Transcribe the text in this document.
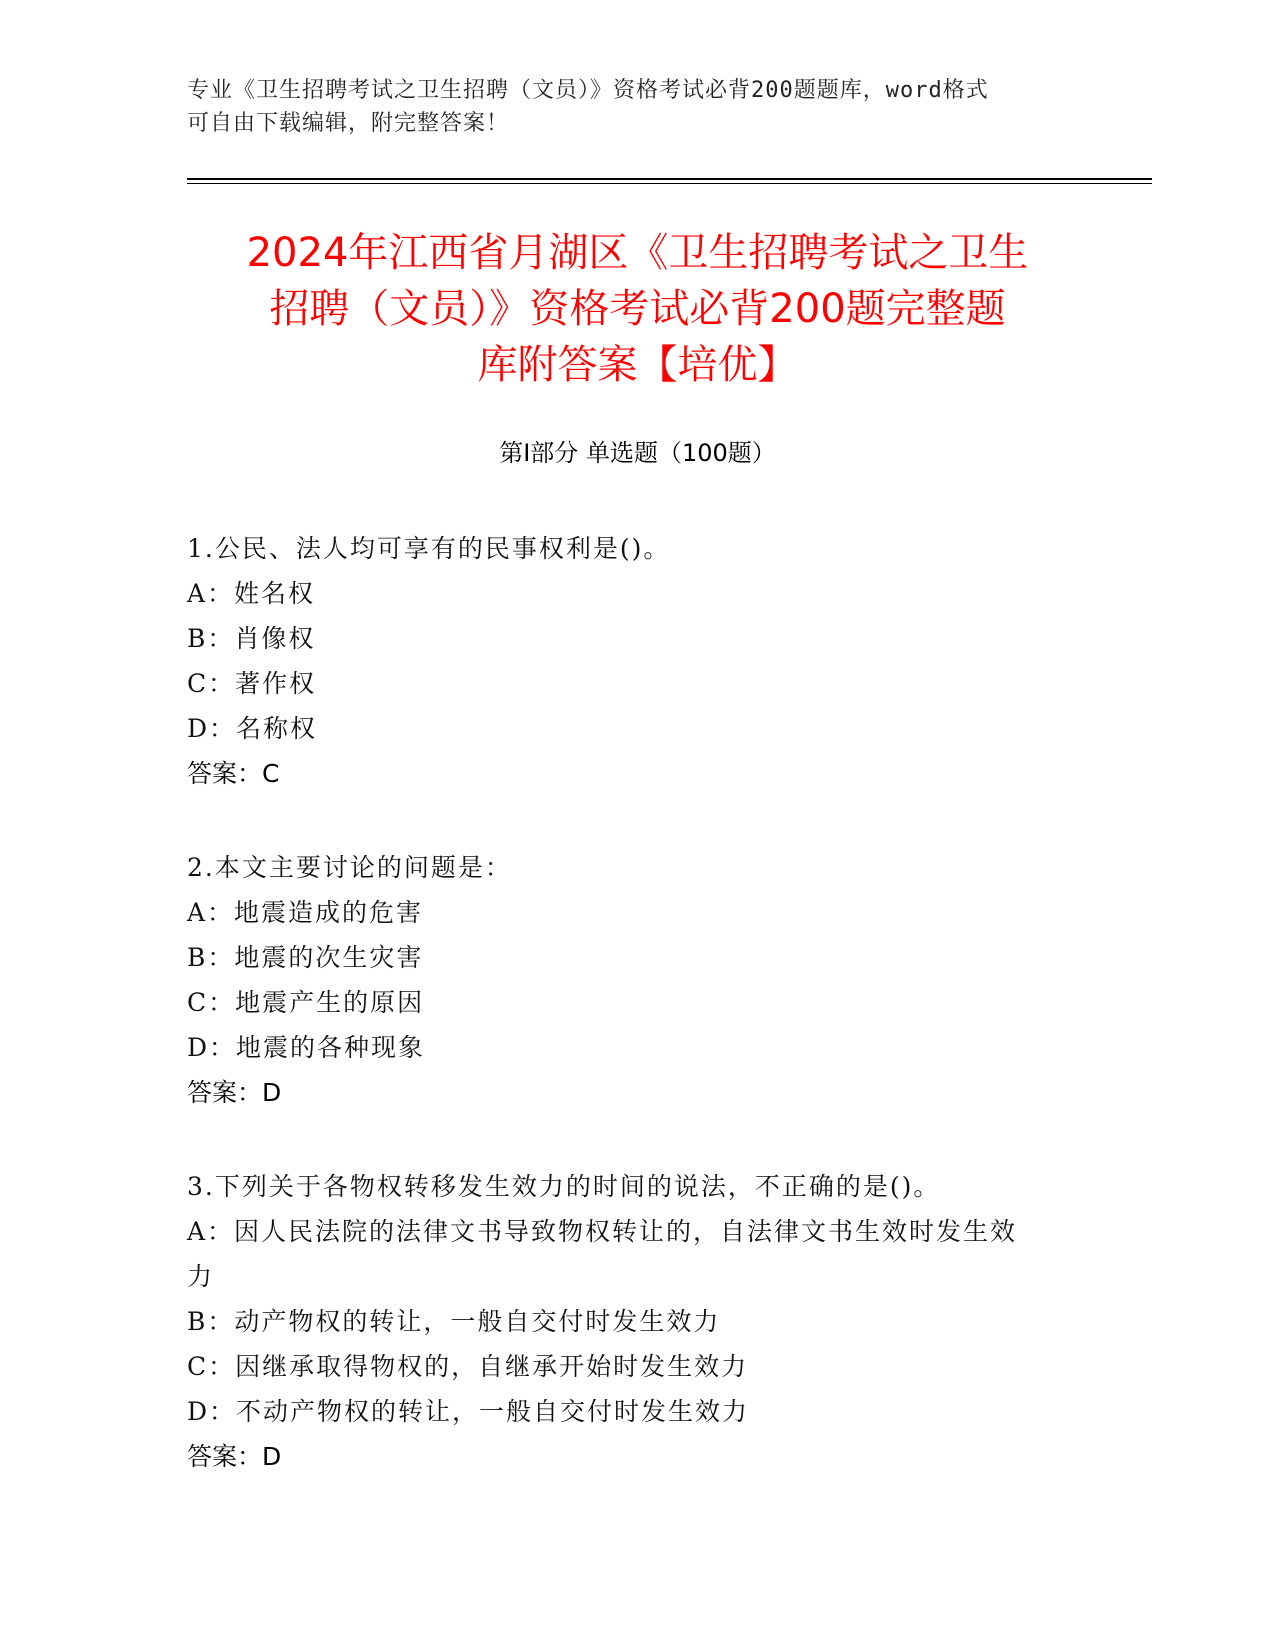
专业《卫生招聘考试之卫生招聘（文员）》资格考试必背200题题库，word格式
可自由下载编辑，附完整答案！
2024年江西省月湖区《卫生招聘考试之卫生
招聘（文员）》资格考试必背200题完整题
库附答案【培优】
第Ⅰ部分 单选题（100题）
1.公民、法人均可享有的民事权利是()。
A：姓名权
B：肖像权
C：著作权
D：名称权
答案：C
2.本文主要讨论的问题是：
A：地震造成的危害
B：地震的次生灾害
C：地震产生的原因
D：地震的各种现象
答案：D
3.下列关于各物权转移发生效力的时间的说法，不正确的是()。
A：因人民法院的法律文书导致物权转让的，自法律文书生效时发生效
力
B：动产物权的转让，一般自交付时发生效力
C：因继承取得物权的，自继承开始时发生效力
D：不动产物权的转让，一般自交付时发生效力
答案：D
